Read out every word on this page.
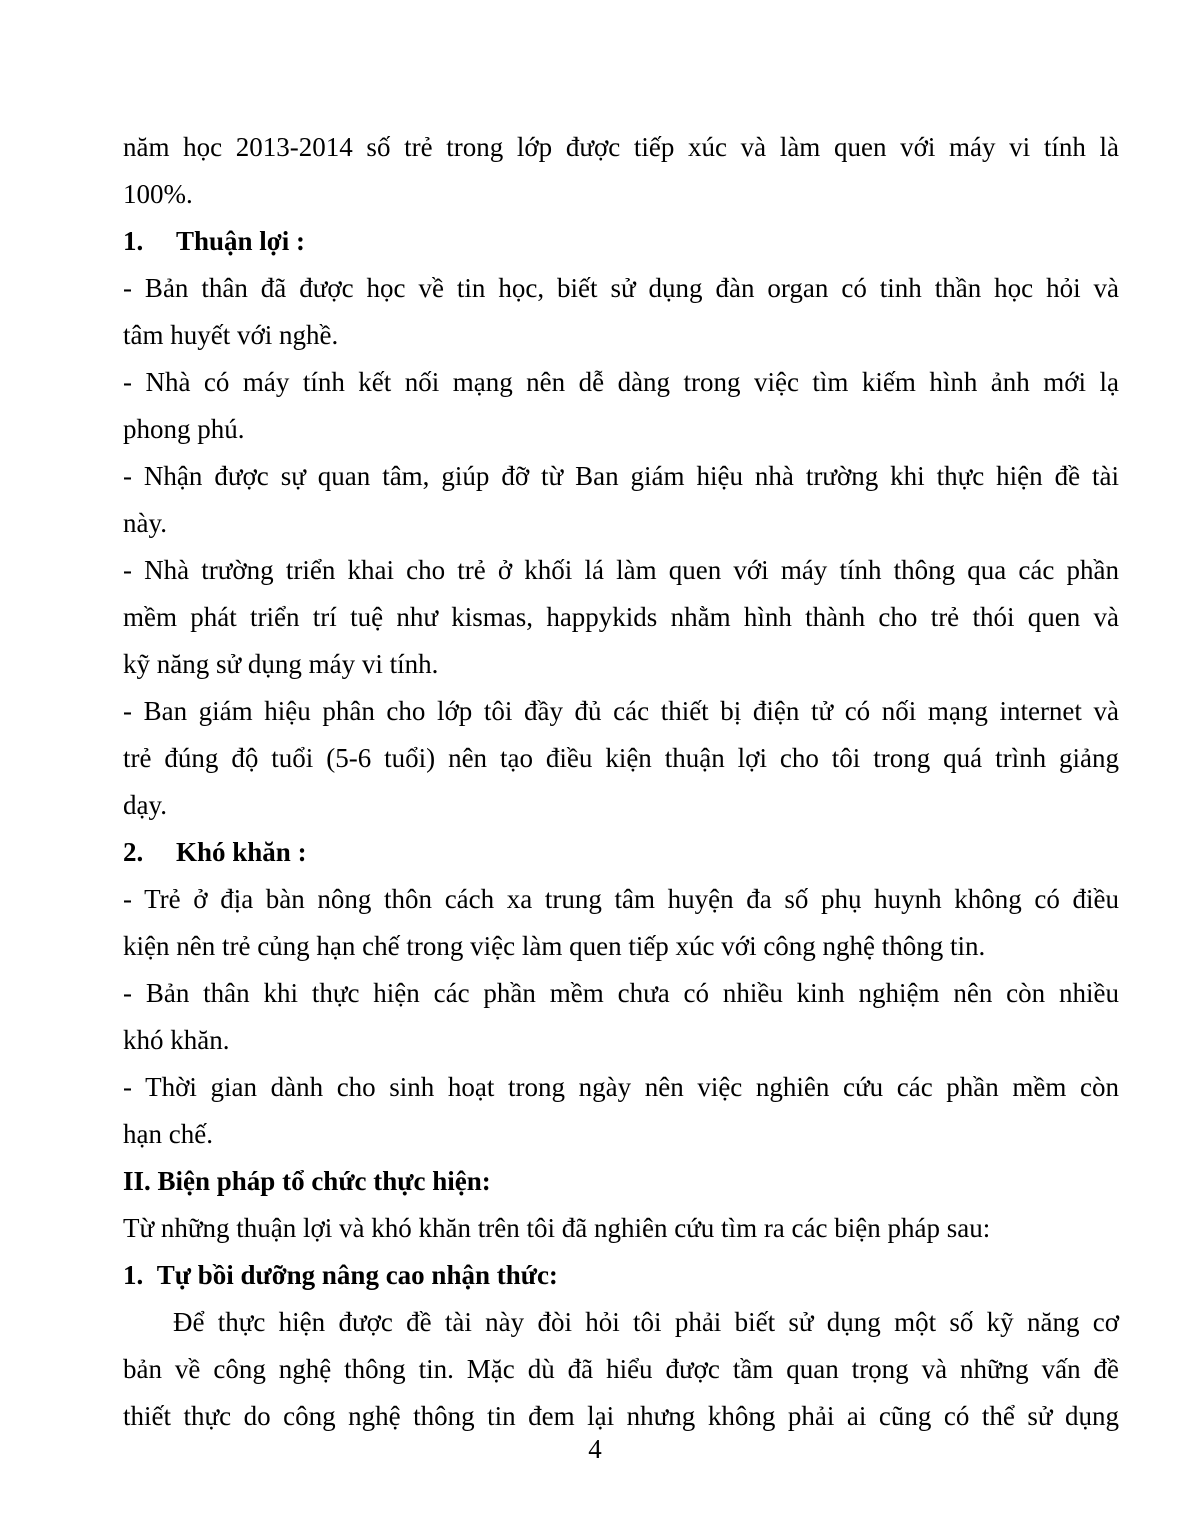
năm học 2013-2014 số trẻ trong lớp được tiếp xúc và làm quen với máy vi tính là
100%.
1. Thuận lợi :
- Bản thân đã được học về tin học, biết sử dụng đàn organ có tinh thần học hỏi và
tâm huyết với nghề.
- Nhà có máy tính kết nối mạng nên dễ dàng trong việc tìm kiếm hình ảnh mới lạ
phong phú.
- Nhận được sự quan tâm, giúp đỡ từ Ban giám hiệu nhà trường khi thực hiện đề tài
này.
- Nhà trường triển khai cho trẻ ở khối lá làm quen với máy tính thông qua các phần
mềm phát triển trí tuệ như kismas, happykids nhằm hình thành cho trẻ thói quen và
kỹ năng sử dụng máy vi tính.
- Ban giám hiệu phân cho lớp tôi đầy đủ các thiết bị điện tử có nối mạng internet và
trẻ đúng độ tuổi (5-6 tuổi) nên tạo điều kiện thuận lợi cho tôi trong quá trình giảng
dạy.
2. Khó khăn :
- Trẻ ở địa bàn nông thôn cách xa trung tâm huyện đa số phụ huynh không có điều
kiện nên trẻ củng hạn chế trong việc làm quen tiếp xúc với công nghệ thông tin.
- Bản thân khi thực hiện các phần mềm chưa có nhiều kinh nghiệm nên còn nhiều
khó khăn.
- Thời gian dành cho sinh hoạt trong ngày nên việc nghiên cứu các phần mềm còn
hạn chế.
II. Biện pháp tổ chức thực hiện:
Từ những thuận lợi và khó khăn trên tôi đã nghiên cứu tìm ra các biện pháp sau:
1. Tự bồi dưỡng nâng cao nhận thức:
Để thực hiện được đề tài này đòi hỏi tôi phải biết sử dụng một số kỹ năng cơ
bản về công nghệ thông tin. Mặc dù đã hiểu được tầm quan trọng và những vấn đề
thiết thực do công nghệ thông tin đem lại nhưng không phải ai cũng có thể sử dụng
4
